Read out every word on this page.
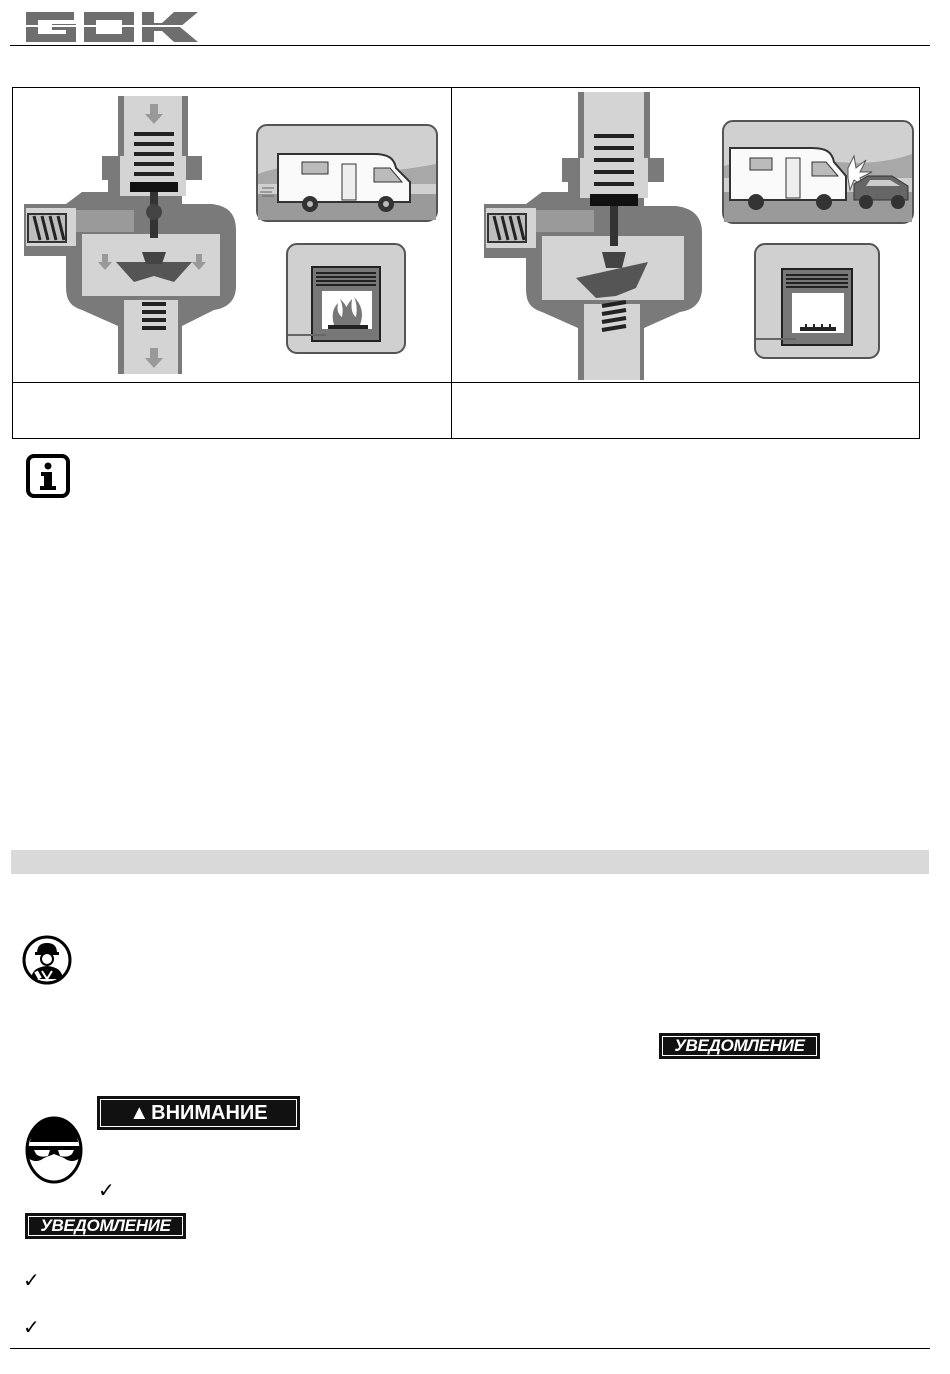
УВЕДОМЛЕНИЕ
▲ ВНИМАНИЕ
✓
УВЕДОМЛЕНИЕ
✓
✓
